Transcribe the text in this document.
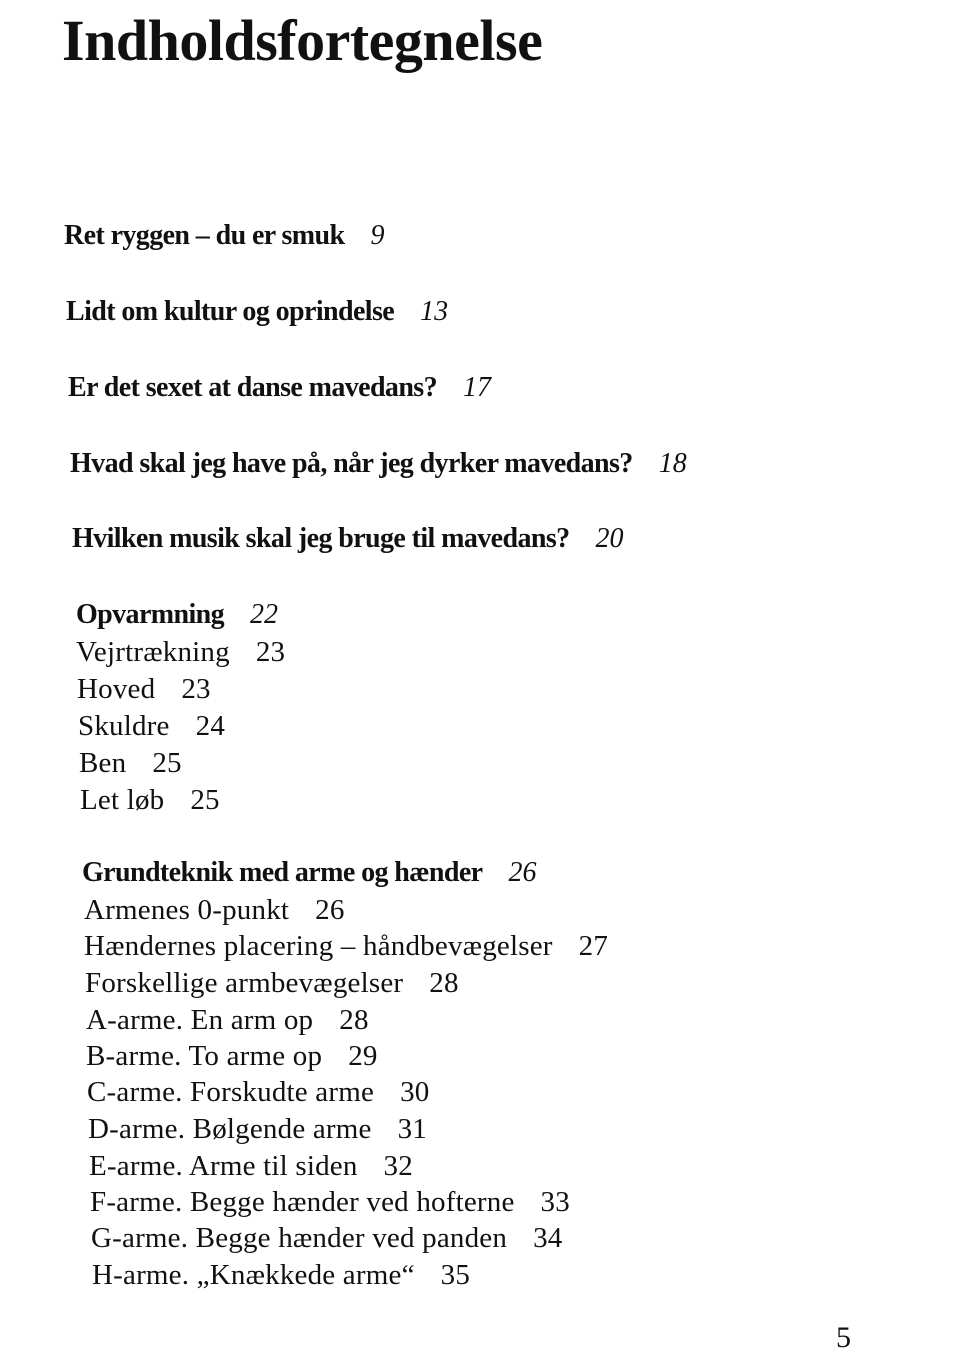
Indholdsfortegnelse
Ret ryggen – du er smuk 9
Lidt om kultur og oprindelse 13
Er det sexet at danse mavedans? 17
Hvad skal jeg have på, når jeg dyrker mavedans? 18
Hvilken musik skal jeg bruge til mavedans? 20
Opvarmning 22
Vejrtrækning 23
Hoved 23
Skuldre 24
Ben 25
Let løb 25
Grundteknik med arme og hænder 26
Armenes 0-punkt 26
Hændernes placering – håndbevægelser 27
Forskellige armbevægelser 28
A-arme. En arm op 28
B-arme. To arme op 29
C-arme. Forskudte arme 30
D-arme. Bølgende arme 31
E-arme. Arme til siden 32
F-arme. Begge hænder ved hofterne 33
G-arme. Begge hænder ved panden 34
H-arme. „Knækkede arme“ 35
5
